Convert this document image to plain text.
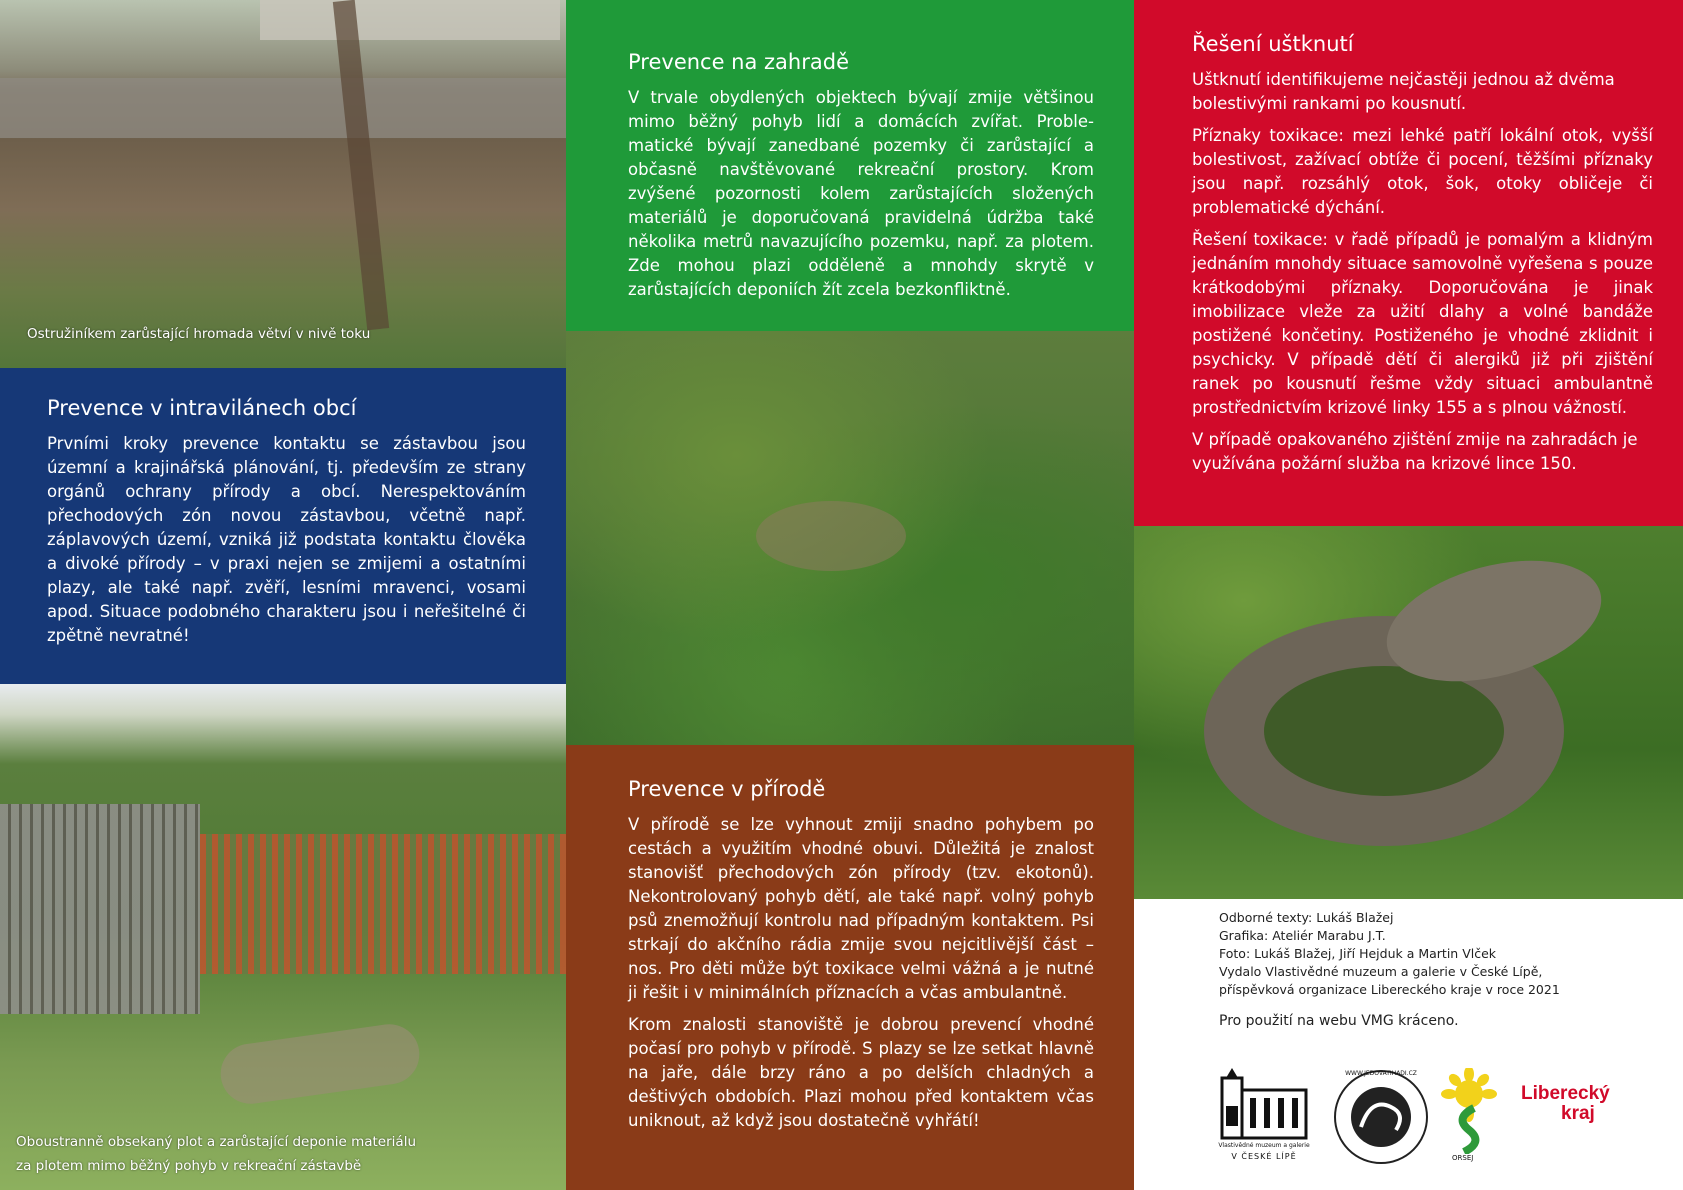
Ostružiníkem zarůstající hromada větví v nivě toku
Prevence v intravilánech obcí

Prvními kroky prevence kontaktu se zástavbou jsou územní a krajinářská plánování, tj. především ze strany orgánů ochrany přírody a obcí. Nerespektováním přechodových zón novou zástavbou, včetně např. záplavových území, vzniká již podstata kontaktu člověka a divoké přírody – v praxi nejen se zmijemi a ostatními plazy, ale také např. zvěří, lesními mravenci, vosami apod. Situace podobného charakteru jsou i neřešitelné či zpětně nevratné!

Oboustranně obsekaný plot a zarůstající deponie materiálu
za plotem mimo běžný pohyb v rekreační zástavbě
Prevence na zahradě

V trvale obydlených objektech bývají zmije většinou mimo běžný pohyb lidí a domácích zvířat. Problematické bývají zanedbané pozemky či zarůstající a občasně navštěvované rekreační prostory. Krom zvýšené pozornosti kolem zarůstajících složených materiálů je doporučovaná pravidelná údržba také několika metrů navazujícího pozemku, např. za plotem. Zde mohou plazi odděleně a mnohdy skrytě v zarůstajících deponiích žít zcela bezkonfliktně.

Prevence v přírodě

V přírodě se lze vyhnout zmiji snadno pohybem po cestách a využitím vhodné obuvi. Důležitá je znalost stanovišť přechodových zón přírody (tzv. ekotonů). Nekontrolovaný pohyb dětí, ale také např. volný pohyb psů znemožňují kontrolu nad případným kontaktem. Psi strkají do akčního rádia zmije svou nejcitlivější část – nos. Pro děti může být toxikace velmi vážná a je nutné ji řešit i v minimálních příznacích a včas ambulantně.

Krom znalosti stanoviště je dobrou prevencí vhodné počasí pro pohyb v přírodě. S plazy se lze setkat hlavně na jaře, dále brzy ráno a po delších chladných a deštivých obdobích. Plazi mohou před kontaktem včas uniknout, až když jsou dostatečně vyhřátí!

Řešení uštknutí

Uštknutí identifikujeme nejčastěji jednou až dvěma bolestivými rankami po kousnutí.

Příznaky toxikace: mezi lehké patří lokální otok, vyšší bolestivost, zažívací obtíže či pocení, těžšími příznaky jsou např. rozsáhlý otok, šok, otoky obličeje či problematické dýchání.

Řešení toxikace: v řadě případů je pomalým a klidným jednáním mnohdy situace samovolně vyřešena s pouze krátkodobými příznaky. Doporučována je jinak imobilizace vleže za užití dlahy a volné bandáže postižené končetiny. Postiženého je vhodné zklidnit i psychicky. V případě dětí či alergiků již při zjištění ranek po kousnutí řešme vždy situaci ambulantně prostřednictvím krizové linky 155 a s plnou vážností.

V případě opakovaného zjištění zmije na zahradách je využívána požární služba na krizové lince 150.

Odborné texty: Lukáš Blažej
Grafika: Ateliér Marabu J.T.
Foto: Lukáš Blažej, Jiří Hejduk a Martin Vlček
Vydalo Vlastivědné muzeum a galerie v České Lípě,
příspěvková organizace Libereckého kraje v roce 2021
Pro použití na webu VMG kráceno.
Vlastivědné muzeum a galerie
V ČESKÉ LÍPĚ
WWW.JEDOVATIHADI.CZ
ORSEJ
Liberecký
kraj
